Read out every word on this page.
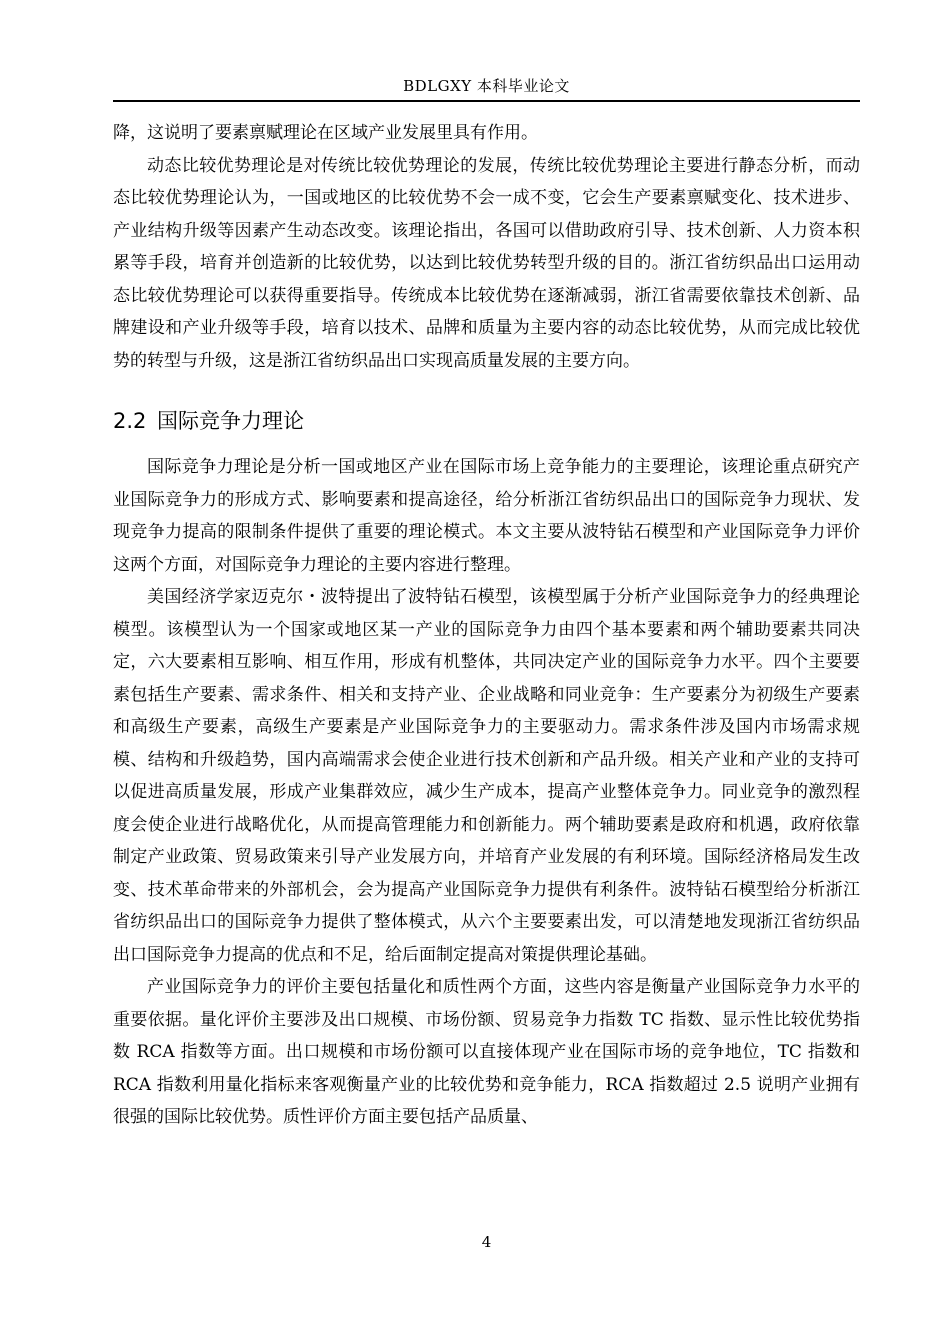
BDLGXY 本科毕业论文

降，这说明了要素禀赋理论在区域产业发展里具有作用。

动态比较优势理论是对传统比较优势理论的发展，传统比较优势理论主要进行静态分析，而动态比较优势理论认为，一国或地区的比较优势不会一成不变，它会生产要素禀赋变化、技术进步、产业结构升级等因素产生动态改变。该理论指出，各国可以借助政府引导、技术创新、人力资本积累等手段，培育并创造新的比较优势，以达到比较优势转型升级的目的。浙江省纺织品出口运用动态比较优势理论可以获得重要指导。传统成本比较优势在逐渐减弱，浙江省需要依靠技术创新、品牌建设和产业升级等手段，培育以技术、品牌和质量为主要内容的动态比较优势，从而完成比较优势的转型与升级，这是浙江省纺织品出口实现高质量发展的主要方向。

2.2 国际竞争力理论

国际竞争力理论是分析一国或地区产业在国际市场上竞争能力的主要理论，该理论重点研究产业国际竞争力的形成方式、影响要素和提高途径，给分析浙江省纺织品出口的国际竞争力现状、发现竞争力提高的限制条件提供了重要的理论模式。本文主要从波特钻石模型和产业国际竞争力评价这两个方面，对国际竞争力理论的主要内容进行整理。

美国经济学家迈克尔・波特提出了波特钻石模型，该模型属于分析产业国际竞争力的经典理论模型。该模型认为一个国家或地区某一产业的国际竞争力由四个基本要素和两个辅助要素共同决定，六大要素相互影响、相互作用，形成有机整体，共同决定产业的国际竞争力水平。四个主要要素包括生产要素、需求条件、相关和支持产业、企业战略和同业竞争：生产要素分为初级生产要素和高级生产要素，高级生产要素是产业国际竞争力的主要驱动力。需求条件涉及国内市场需求规模、结构和升级趋势，国内高端需求会使企业进行技术创新和产品升级。相关产业和产业的支持可以促进高质量发展，形成产业集群效应，减少生产成本，提高产业整体竞争力。同业竞争的激烈程度会使企业进行战略优化，从而提高管理能力和创新能力。两个辅助要素是政府和机遇，政府依靠制定产业政策、贸易政策来引导产业发展方向，并培育产业发展的有利环境。国际经济格局发生改变、技术革命带来的外部机会，会为提高产业国际竞争力提供有利条件。波特钻石模型给分析浙江省纺织品出口的国际竞争力提供了整体模式，从六个主要要素出发，可以清楚地发现浙江省纺织品出口国际竞争力提高的优点和不足，给后面制定提高对策提供理论基础。

产业国际竞争力的评价主要包括量化和质性两个方面，这些内容是衡量产业国际竞争力水平的重要依据。量化评价主要涉及出口规模、市场份额、贸易竞争力指数 TC 指数、显示性比较优势指数 RCA 指数等方面。出口规模和市场份额可以直接体现产业在国际市场的竞争地位，TC 指数和 RCA 指数利用量化指标来客观衡量产业的比较优势和竞争能力，RCA 指数超过 2.5 说明产业拥有很强的国际比较优势。质性评价方面主要包括产品质量、

4
